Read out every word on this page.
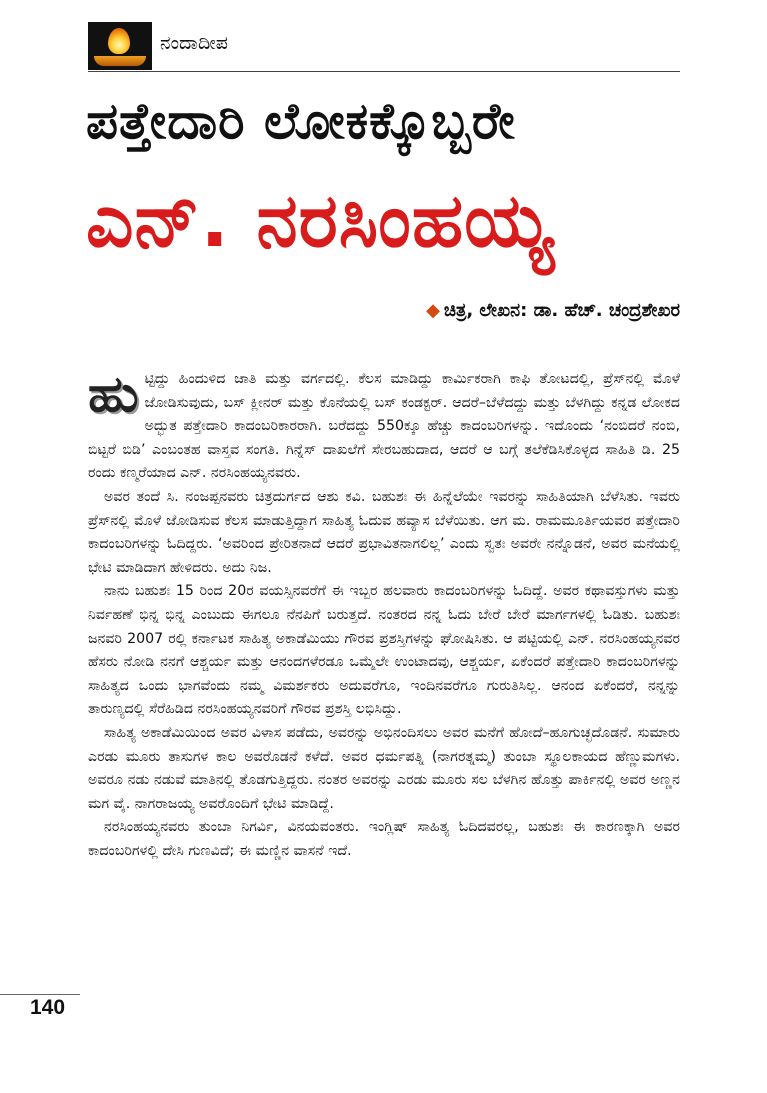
ನಂದಾದೀಪ
ಪತ್ತೇದಾರಿ ಲೋಕಕ್ಕೊಬ್ಬರೇ
ಎನ್. ನರಸಿಂಹಯ್ಯ
◆ ಚಿತ್ರ, ಲೇಖನ: ಡಾ. ಹೆಚ್. ಚಂದ್ರಶೇಖರ
ಹು ಟ್ಟಿದ್ದು ಹಿಂದುಳಿದ ಜಾತಿ ಮತ್ತು ವರ್ಗದಲ್ಲಿ. ಕೆಲಸ ಮಾಡಿದ್ದು ಕಾರ್ಮಿಕರಾಗಿ ಕಾಫಿ ತೋಟದಲ್ಲಿ, ಪ್ರೆಸ್‌ನಲ್ಲಿ ಮೊಳೆ ಜೋಡಿಸುವುದು, ಬಸ್ ಕ್ಲೀನರ್ ಮತ್ತು ಕೊನೆಯಲ್ಲಿ ಬಸ್ ಕಂಡಕ್ಟರ್. ಆದರೆ–ಬೆಳೆದದ್ದು ಮತ್ತು ಬೆಳಗಿದ್ದು ಕನ್ನಡ ಲೋಕದ ಅದ್ಭುತ ಪತ್ತೇದಾರಿ ಕಾದಂಬರಿಕಾರರಾಗಿ. ಬರೆದದ್ದು 550ಕ್ಕೂ ಹೆಚ್ಚು ಕಾದಂಬರಿಗಳನ್ನು. ಇದೊಂದು ‘ನಂಬಿದರೆ ನಂಬಿ, ಬಿಟ್ಟರೆ ಬಿಡಿ’ ಎಂಬಂತಹ ವಾಸ್ತವ ಸಂಗತಿ. ಗಿನ್ನೆಸ್ ದಾಖಲೆಗೆ ಸೇರಬಹುದಾದ, ಆದರೆ ಆ ಬಗ್ಗೆ ತಲೆಕೆಡಿಸಿಕೊಳ್ಳದ ಸಾಹಿತಿ ಡಿ. 25 ರಂದು ಕಣ್ಮರೆಯಾದ ಎನ್. ನರಸಿಂಹಯ್ಯನವರು.

ಅವರ ತಂದೆ ಸಿ. ನಂಜಪ್ಪನವರು ಚಿತ್ರದುರ್ಗದ ಆಶು ಕವಿ. ಬಹುಶಃ ಈ ಹಿನ್ನೆಲೆಯೇ ಇವರನ್ನು ಸಾಹಿತಿಯಾಗಿ ಬೆಳೆಸಿತು. ಇವರು ಪ್ರೆಸ್‌ನಲ್ಲಿ ಮೊಳೆ ಜೋಡಿಸುವ ಕೆಲಸ ಮಾಡುತ್ತಿದ್ದಾಗ ಸಾಹಿತ್ಯ ಓದುವ ಹವ್ಯಾಸ ಬೆಳೆಯಿತು. ಆಗ ಮ. ರಾಮಮೂರ್ತಿಯವರ ಪತ್ತೇದಾರಿ ಕಾದಂಬರಿಗಳನ್ನು ಓದಿದ್ದರು. ‘ಅವರಿಂದ ಪ್ರೇರಿತನಾದೆ ಆದರೆ ಪ್ರಭಾವಿತನಾಗಲಿಲ್ಲ’ ಎಂದು ಸ್ವತಃ ಅವರೇ ನನ್ನೊಡನೆ, ಅವರ ಮನೆಯಲ್ಲಿ ಭೇಟಿ ಮಾಡಿದಾಗ ಹೇಳಿದರು. ಅದು ನಿಜ.

ನಾನು ಬಹುಶಃ 15 ರಿಂದ 20ರ ವಯಸ್ಸಿನವರೆಗೆ ಈ ಇಬ್ಬರ ಹಲವಾರು ಕಾದಂಬರಿಗಳನ್ನು ಓದಿದ್ದೆ. ಅವರ ಕಥಾವಸ್ತುಗಳು ಮತ್ತು ನಿರ್ವಹಣೆ ಭಿನ್ನ ಭಿನ್ನ ಎಂಬುದು ಈಗಲೂ ನೆನಪಿಗೆ ಬರುತ್ತದೆ. ನಂತರದ ನನ್ನ ಓದು ಬೇರೆ ಬೇರೆ ಮಾರ್ಗಗಳಲ್ಲಿ ಓಡಿತು. ಬಹುಶಃ ಜನವರಿ 2007 ರಲ್ಲಿ ಕರ್ನಾಟಕ ಸಾಹಿತ್ಯ ಅಕಾಡೆಮಿಯು ಗೌರವ ಪ್ರಶಸ್ತಿಗಳನ್ನು ಘೋಷಿಸಿತು. ಆ ಪಟ್ಟಿಯಲ್ಲಿ ಎನ್. ನರಸಿಂಹಯ್ಯನವರ ಹೆಸರು ನೋಡಿ ನನಗೆ ಆಶ್ಚರ್ಯ ಮತ್ತು ಆನಂದಗಳೆರಡೂ ಒಮ್ಮೆಲೇ ಉಂಟಾದವು, ಆಶ್ಚರ್ಯ, ಏಕೆಂದರೆ ಪತ್ತೇದಾರಿ ಕಾದಂಬರಿಗಳನ್ನು ಸಾಹಿತ್ಯದ ಒಂದು ಭಾಗವೆಂದು ನಮ್ಮ ವಿಮರ್ಶಕರು ಅದುವರೆಗೂ, ಇಂದಿನವರೆಗೂ ಗುರುತಿಸಿಲ್ಲ. ಆನಂದ ಏಕೆಂದರೆ, ನನ್ನನ್ನು ತಾರುಣ್ಯದಲ್ಲಿ ಸೆರೆಹಿಡಿದ ನರಸಿಂಹಯ್ಯನವರಿಗೆ ಗೌರವ ಪ್ರಶಸ್ತಿ ಲಭಿಸಿದ್ದು.

ಸಾಹಿತ್ಯ ಅಕಾಡೆಮಿಯಿಂದ ಅವರ ವಿಳಾಸ ಪಡೆದು, ಅವರನ್ನು ಅಭಿನಂದಿಸಲು ಅವರ ಮನೆಗೆ ಹೋದೆ–ಹೂಗುಚ್ಛದೊಡನೆ. ಸುಮಾರು ಎರಡು ಮೂರು ತಾಸುಗಳ ಕಾಲ ಅವರೊಡನೆ ಕಳೆದೆ. ಅವರ ಧರ್ಮಪತ್ನಿ (ನಾಗರತ್ನಮ್ಮ) ತುಂಬಾ ಸ್ಥೂಲಕಾಯದ ಹೆಣ್ಣುಮಗಳು. ಅವರೂ ನಡು ನಡುವೆ ಮಾತಿನಲ್ಲಿ ತೊಡಗುತ್ತಿದ್ದರು. ನಂತರ ಅವರನ್ನು ಎರಡು ಮೂರು ಸಲ ಬೆಳಗಿನ ಹೊತ್ತು ಪಾರ್ಕಿನಲ್ಲಿ ಅವರ ಅಣ್ಣನ ಮಗ ವೈ. ನಾಗರಾಜಯ್ಯ ಅವರೊಂದಿಗೆ ಭೇಟಿ ಮಾಡಿದ್ದೆ.

ನರಸಿಂಹಯ್ಯನವರು ತುಂಬಾ ನಿಗರ್ವಿ, ವಿನಯವಂತರು. ಇಂಗ್ಲಿಷ್ ಸಾಹಿತ್ಯ ಓದಿದವರಲ್ಲ, ಬಹುಶಃ ಈ ಕಾರಣಕ್ಕಾಗಿ ಅವರ ಕಾದಂಬರಿಗಳಲ್ಲಿ ದೇಸಿ ಗುಣವಿದೆ; ಈ ಮಣ್ಣಿನ ವಾಸನೆ ಇದೆ.

140
